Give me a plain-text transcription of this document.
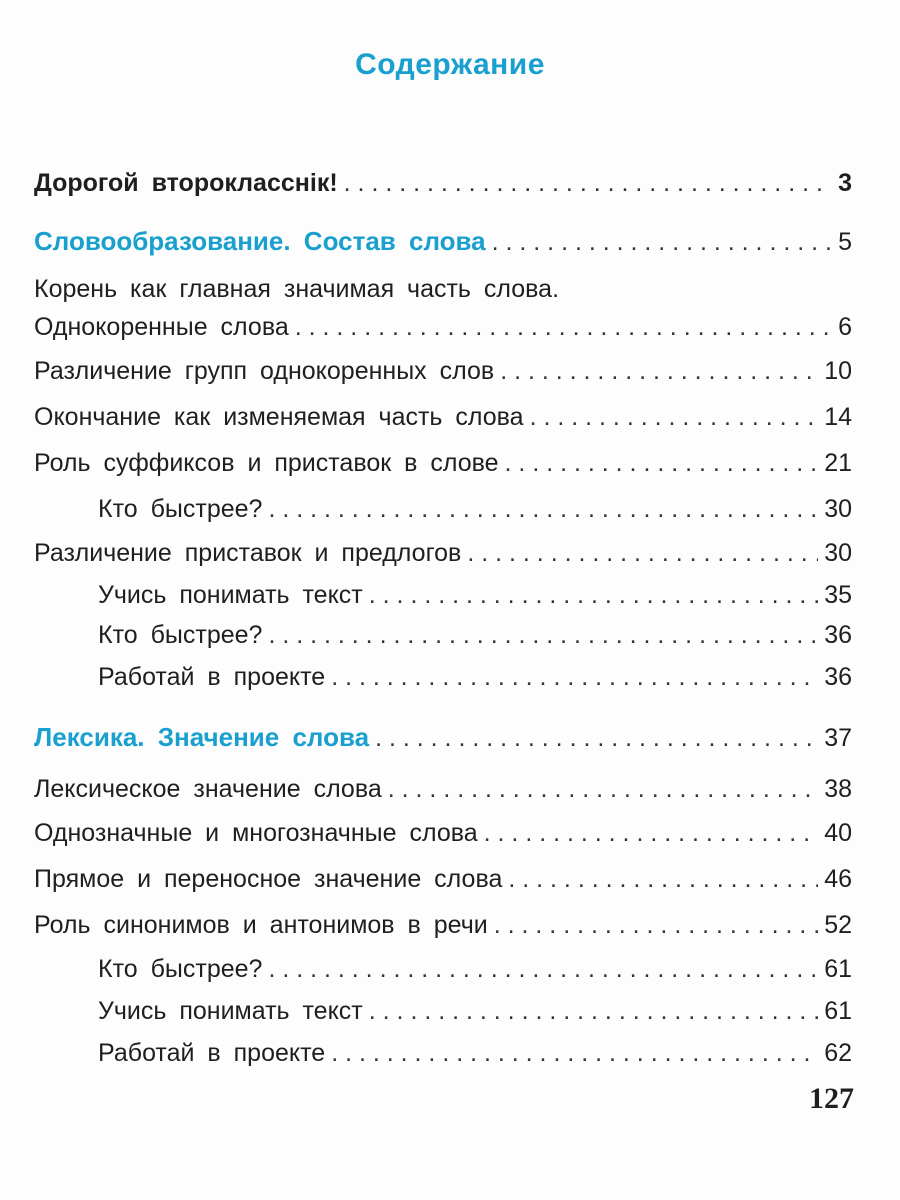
Содержание
Дорогой второкласснік! . . .	3
Словообразование. Состав слова . . .	5
Корень как главная значимая часть слова.
Однокоренные слова . . .	6
Различение групп однокоренных слов . . .	10
Окончание как изменяемая часть слова . . .	14
Роль суффиксов и приставок в слове . . .	21
Кто быстрее? . . .	30
Различение приставок и предлогов . . .	30
Учись понимать текст . . .	35
Кто быстрее? . . .	36
Работай в проекте . . .	36
Лексика. Значение слова . . .	37
Лексическое значение слова . . .	38
Однозначные и многозначные слова . . .	40
Прямое и переносное значение слова . . .	46
Роль синонимов и антонимов в речи . . .	52
Кто быстрее? . . .	61
Учись понимать текст . . .	61
Работай в проекте . . .	62
127
